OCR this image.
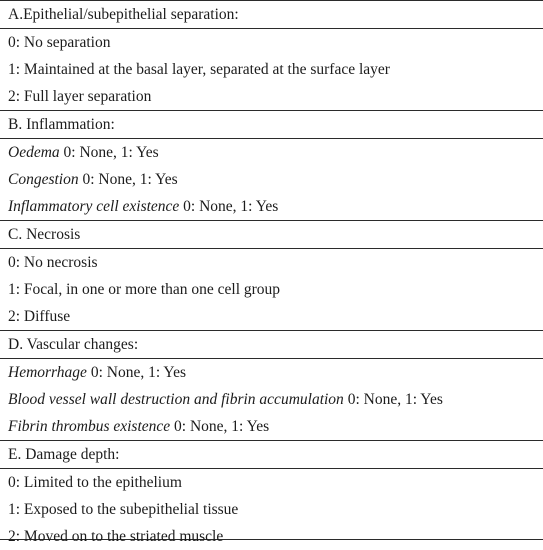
A.Epithelial/subepithelial separation:
0: No separation
1: Maintained at the basal layer, separated at the surface layer
2: Full layer separation
B. Inflammation:
Oedema 0: None, 1: Yes
Congestion 0: None, 1: Yes
Inflammatory cell existence 0: None, 1: Yes
C. Necrosis
0: No necrosis
1: Focal, in one or more than one cell group
2: Diffuse
D. Vascular changes:
Hemorrhage 0: None, 1: Yes
Blood vessel wall destruction and fibrin accumulation 0: None, 1: Yes
Fibrin thrombus existence 0: None, 1: Yes
E. Damage depth:
0: Limited to the epithelium
1: Exposed to the subepithelial tissue
2: Moved on to the striated muscle
